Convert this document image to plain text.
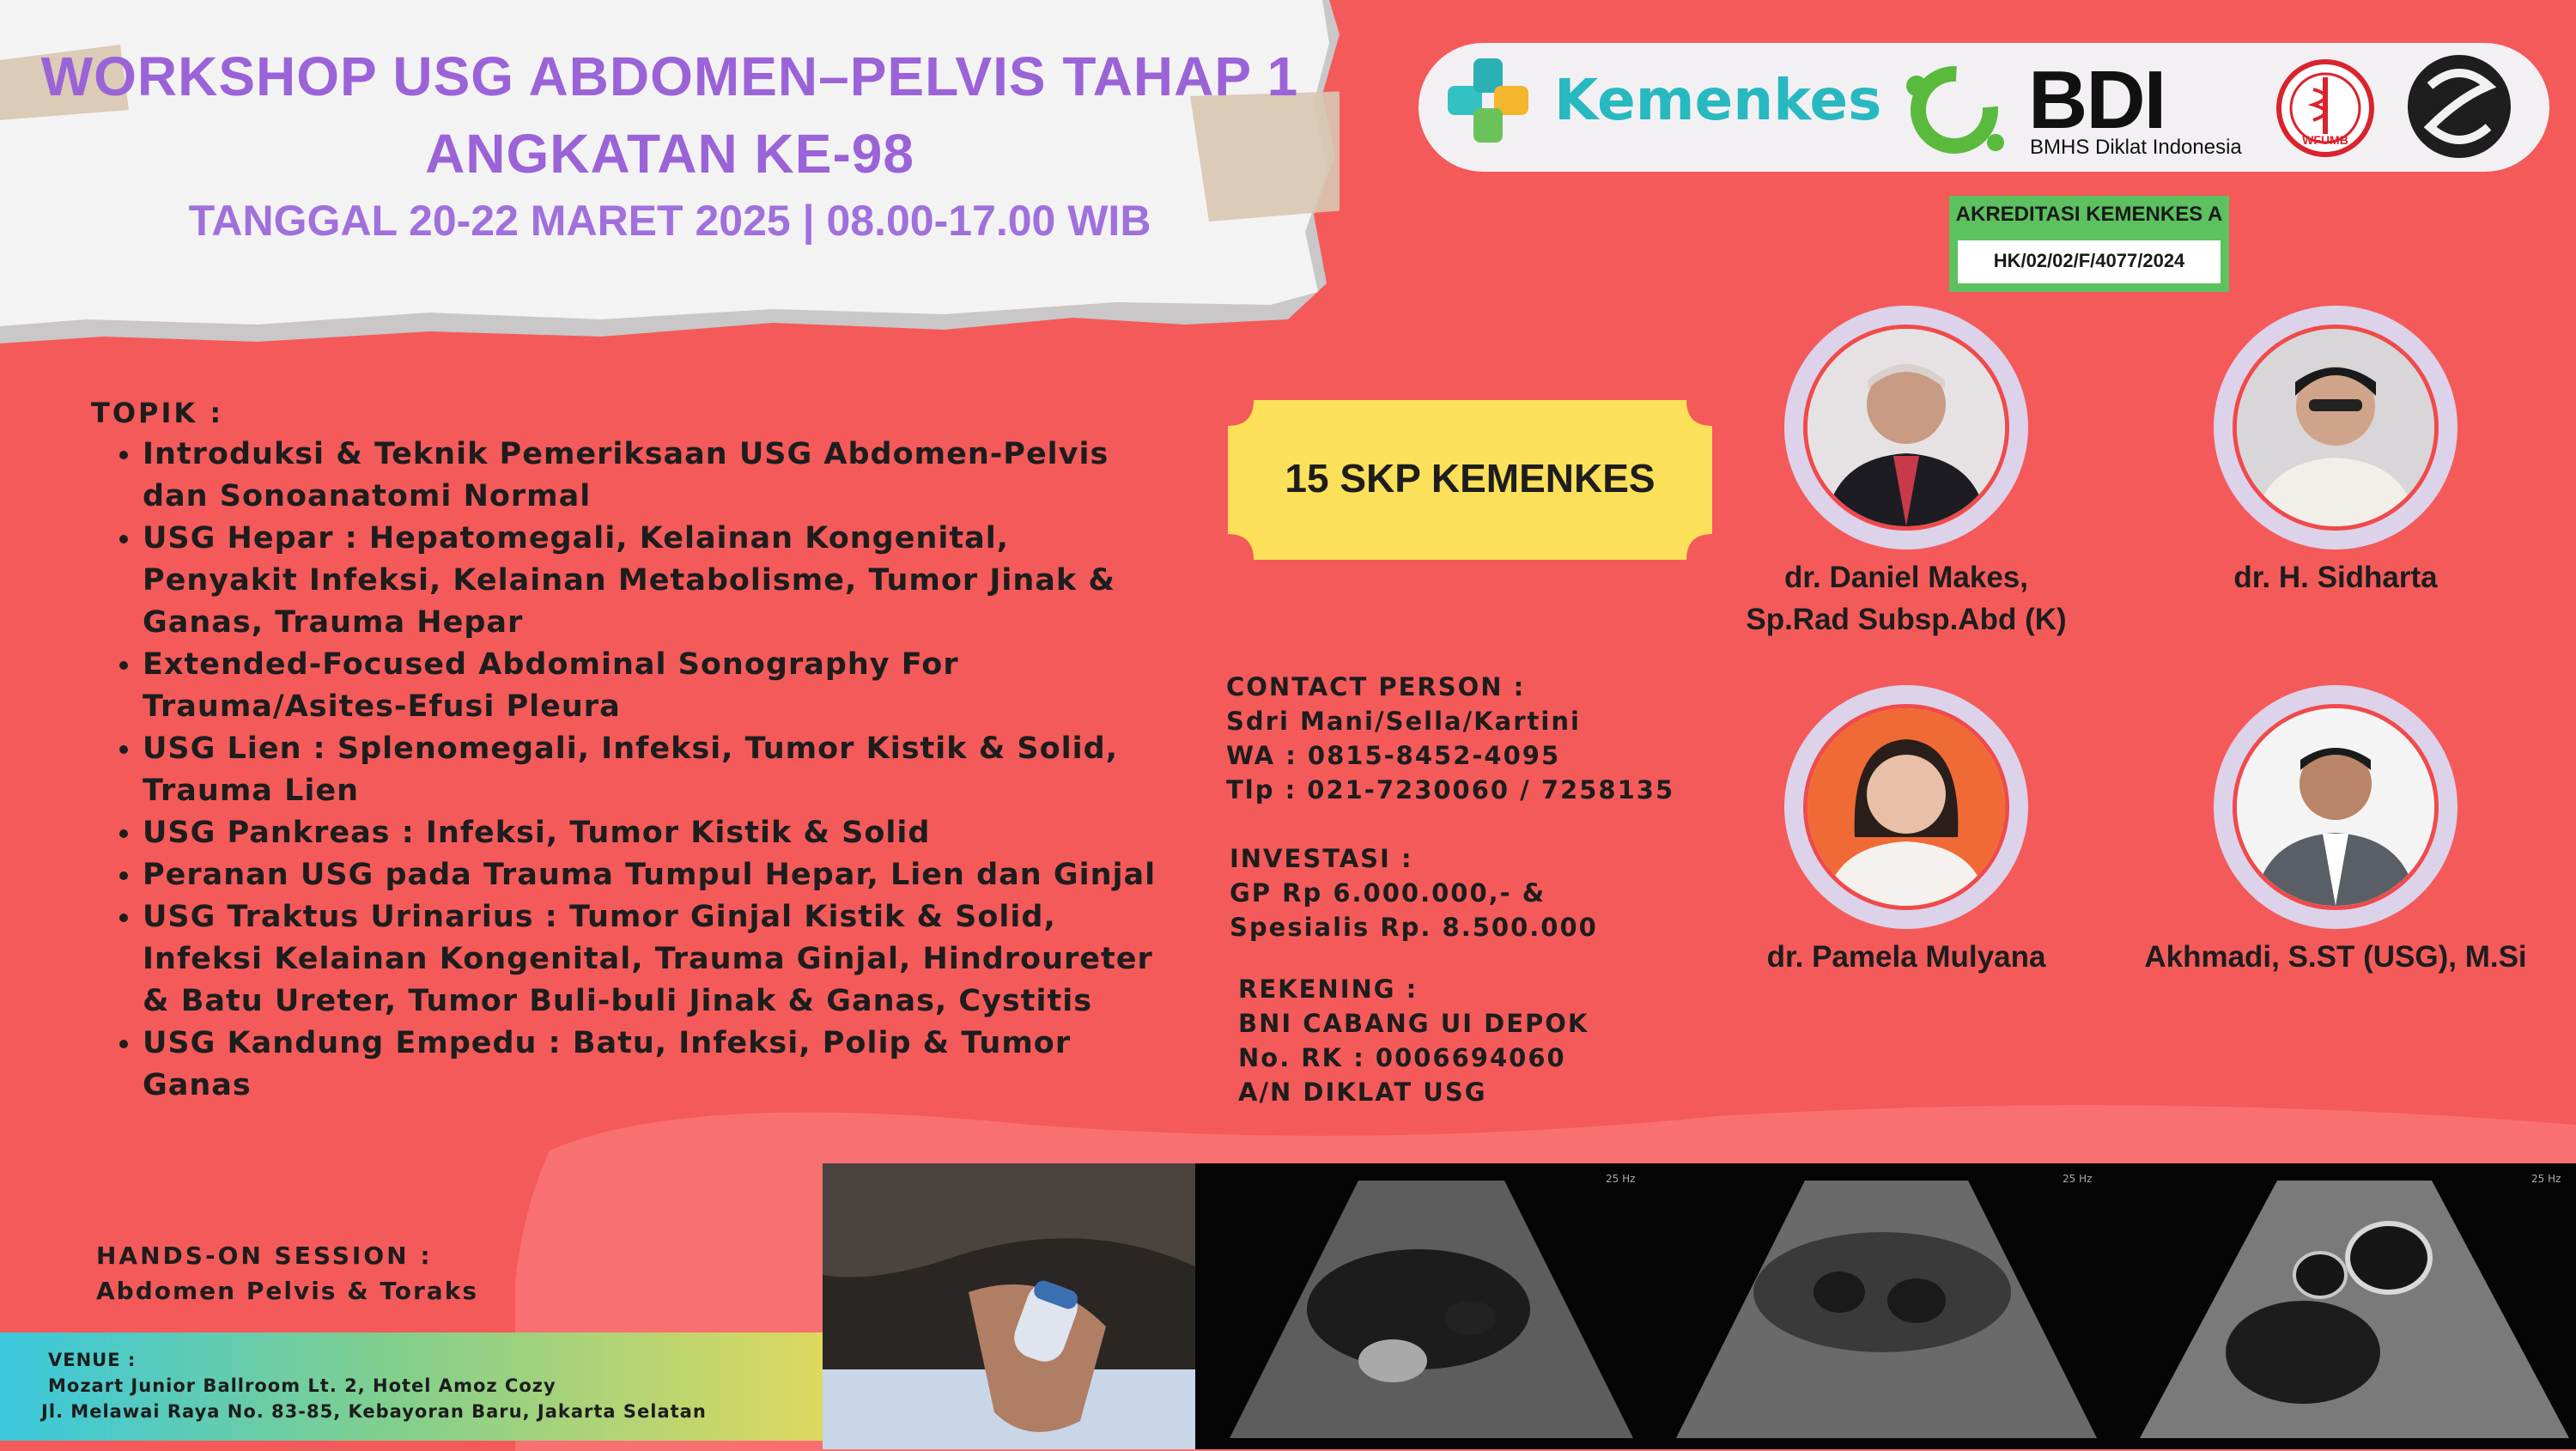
WORKSHOP USG ABDOMEN–PELVIS TAHAP 1
ANGKATAN KE-98
TANGGAL 20-22 MARET 2025 | 08.00-17.00 WIB
Kemenkes BDI
BMHS Diklat Indonesia	WFUMB
AKREDITASI KEMENKES A
HK/02/02/F/4077/2024
TOPIK :
• Introduksi & Teknik Pemeriksaan USG Abdomen-Pelvis dan Sonoanatomi Normal
• USG Hepar : Hepatomegali, Kelainan Kongenital, Penyakit Infeksi, Kelainan Metabolisme, Tumor Jinak & Ganas, Trauma Hepar
• Extended-Focused Abdominal Sonography For Trauma/Asites-Efusi Pleura
• USG Lien : Splenomegali, Infeksi, Tumor Kistik & Solid, Trauma Lien
• USG Pankreas : Infeksi, Tumor Kistik & Solid
• Peranan USG pada Trauma Tumpul Hepar, Lien dan Ginjal
• USG Traktus Urinarius : Tumor Ginjal Kistik & Solid, Infeksi Kelainan Kongenital, Trauma Ginjal, Hindroureter & Batu Ureter, Tumor Buli-buli Jinak & Ganas, Cystitis
• USG Kandung Empedu : Batu, Infeksi, Polip & Tumor Ganas
HANDS-ON SESSION :
Abdomen Pelvis & Toraks
VENUE :
Mozart Junior Ballroom Lt. 2, Hotel Amoz Cozy
Jl. Melawai Raya No. 83-85, Kebayoran Baru, Jakarta Selatan
15 SKP KEMENKES
CONTACT PERSON :
Sdri Mani/Sella/Kartini
WA : 0815-8452-4095
Tlp : 021-7230060 / 7258135
INVESTASI :
GP Rp 6.000.000,- &
Spesialis Rp. 8.500.000
REKENING :
BNI CABANG UI DEPOK
No. RK : 0006694060
A/N DIKLAT USG
dr. Daniel Makes,
Sp.Rad Subsp.Abd (K)
dr. H. Sidharta
dr. Pamela Mulyana	Akhmadi, S.ST (USG), M.Si
25 Hz	25 Hz	25 Hz
